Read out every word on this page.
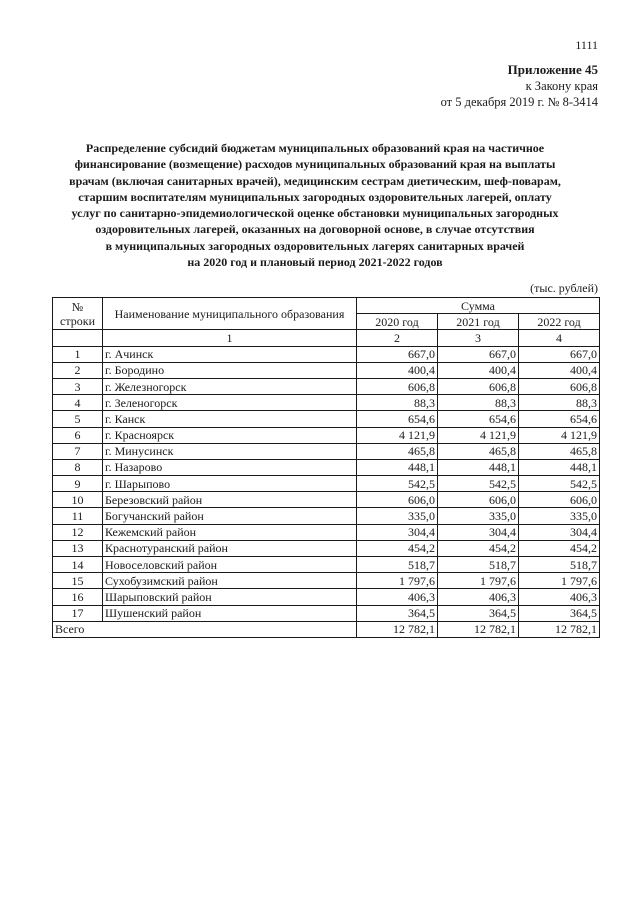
1111
Приложение 45
к Закону края
от 5 декабря 2019 г. № 8-3414
Распределение субсидий бюджетам муниципальных образований края на частичное
финансирование (возмещение) расходов муниципальных образований края на выплаты
врачам (включая санитарных врачей), медицинским сестрам диетическим, шеф-поварам,
старшим воспитателям муниципальных загородных оздоровительных лагерей, оплату
услуг по санитарно-эпидемиологической оценке обстановки муниципальных загородных
оздоровительных лагерей, оказанных на договорной основе, в случае отсутствия
в муниципальных загородных оздоровительных лагерях санитарных врачей
на 2020 год и плановый период 2021-2022 годов
(тыс. рублей)
№ строки	Наименование муниципального образования	Сумма		
		2020 год	2021 год	2022 год
	1	2	3	4
1	г. Ачинск	667,0	667,0	667,0
2	г. Бородино	400,4	400,4	400,4
3	г. Железногорск	606,8	606,8	606,8
4	г. Зеленогорск	88,3	88,3	88,3
5	г. Канск	654,6	654,6	654,6
6	г. Красноярск	4 121,9	4 121,9	4 121,9
7	г. Минусинск	465,8	465,8	465,8
8	г. Назарово	448,1	448,1	448,1
9	г. Шарыпово	542,5	542,5	542,5
10	Березовский район	606,0	606,0	606,0
11	Богучанский район	335,0	335,0	335,0
12	Кежемский район	304,4	304,4	304,4
13	Краснотуранский район	454,2	454,2	454,2
14	Новоселовский район	518,7	518,7	518,7
15	Сухобузимский район	1 797,6	1 797,6	1 797,6
16	Шарыповский район	406,3	406,3	406,3
17	Шушенский район	364,5	364,5	364,5
Всего		12 782,1	12 782,1	12 782,1
